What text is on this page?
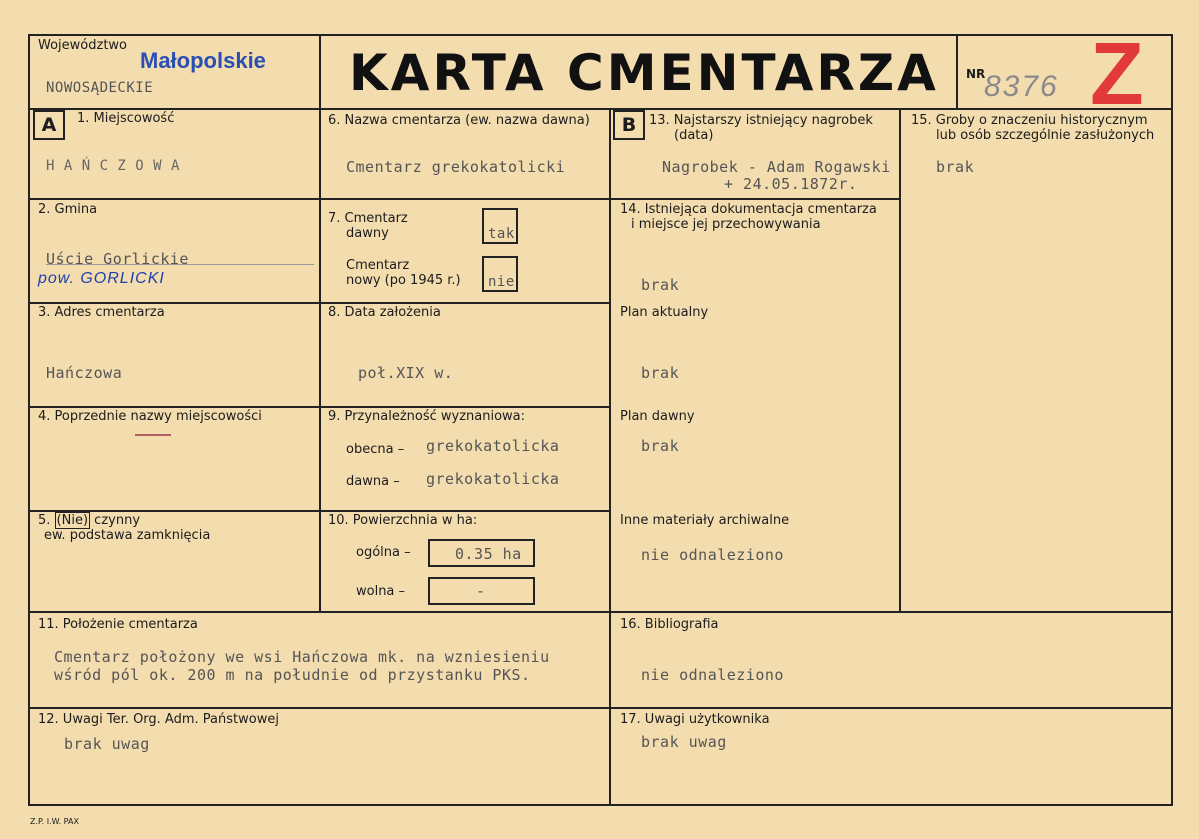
Województwo
Małopolskie
NOWOSĄDECKIE	KARTA CMENTARZA NR
8376 Z
A	1. Miejscowość
H A Ń C Z O W A
2. Gmina
Uście Gorlickie
pow. GORLICKI
3. Adres cmentarza
Hańczowa
4. Poprzednie nazwy miejscowości
5. (Nie) czynny
ew. podstawa zamknięcia
6. Nazwa cmentarza (ew. nazwa dawna)
Cmentarz grekokatolicki
7. Cmentarz
dawny	tak
Cmentarz
nowy (po 1945 r.) nie
8. Data założenia
poł.XIX w.
9. Przynależność wyznaniowa:
obecna – grekokatolicka
dawna – grekokatolicka
10. Powierzchnia w ha:
ogólna –	0.35 ha
wolna –	-
B 13. Najstarszy istniejący nagrobek
(data)
Nagrobek - Adam Rogawski
+ 24.05.1872r.
14. Istniejąca dokumentacja cmentarza
i miejsce jej przechowywania
brak
Plan aktualny
brak
Plan dawny
brak
Inne materiały archiwalne
nie odnaleziono
15. Groby o znaczeniu historycznym
lub osób szczególnie zasłużonych
brak
11. Położenie cmentarza
Cmentarz położony we wsi Hańczowa mk. na wzniesieniu
wśród pól ok. 200 m na południe od przystanku PKS.
16. Bibliografia
nie odnaleziono
12. Uwagi Ter. Org. Adm. Państwowej
brak uwag
17. Uwagi użytkownika
brak uwag
Z.P. I.W. PAX
